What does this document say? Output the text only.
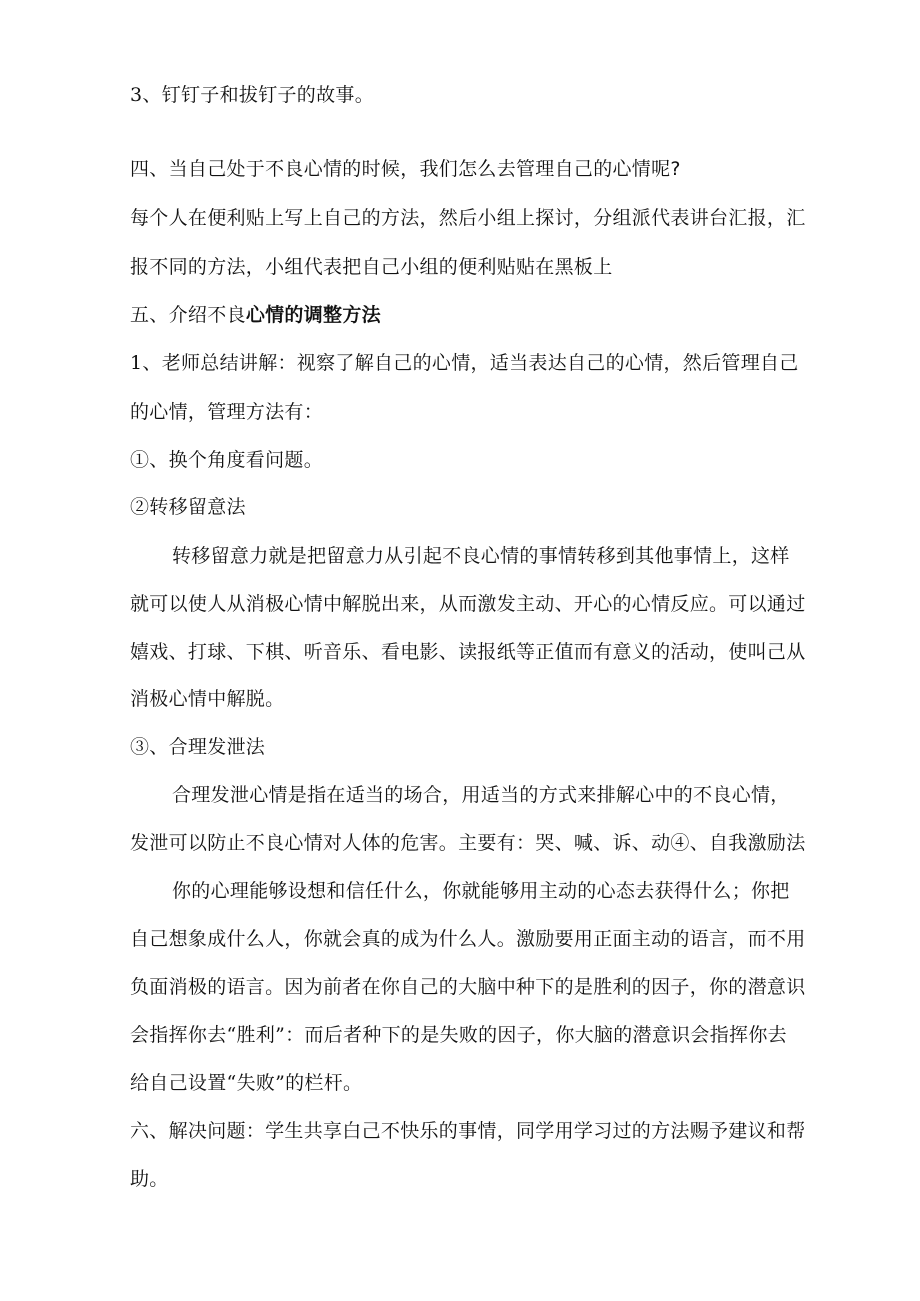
3、钉钉子和拔钉子的故事。
四、当自己处于不良心情的时候，我们怎么去管理自己的心情呢?
每个人在便利贴上写上自己的方法，然后小组上探讨，分组派代表讲台汇报，汇
报不同的方法，小组代表把自己小组的便利贴贴在黑板上
五、介绍不良心情的调整方法
1、老师总结讲解：视察了解自己的心情，适当表达自己的心情，然后管理自己
的心情，管理方法有：
①、换个角度看问题。
②转移留意法
转移留意力就是把留意力从引起不良心情的事情转移到其他事情上，这样
就可以使人从消极心情中解脱出来，从而激发主动、开心的心情反应。可以通过
嬉戏、打球、下棋、听音乐、看电影、读报纸等正值而有意义的活动，使叫己从
消极心情中解脱。
③、合理发泄法
合理发泄心情是指在适当的场合，用适当的方式来排解心中的不良心情，
发泄可以防止不良心情对人体的危害。主要有：哭、喊、诉、动④、自我激励法
你的心理能够设想和信任什么，你就能够用主动的心态去获得什么；你把
自己想象成什么人，你就会真的成为什么人。激励要用正面主动的语言，而不用
负面消极的语言。因为前者在你自己的大脑中种下的是胜利的因子，你的潜意识
会指挥你去“胜利”：而后者种下的是失败的因子，你大脑的潜意识会指挥你去
给自己设置“失败”的栏杆。
六、解决问题：学生共享白己不快乐的事情，同学用学习过的方法赐予建议和帮
助。
